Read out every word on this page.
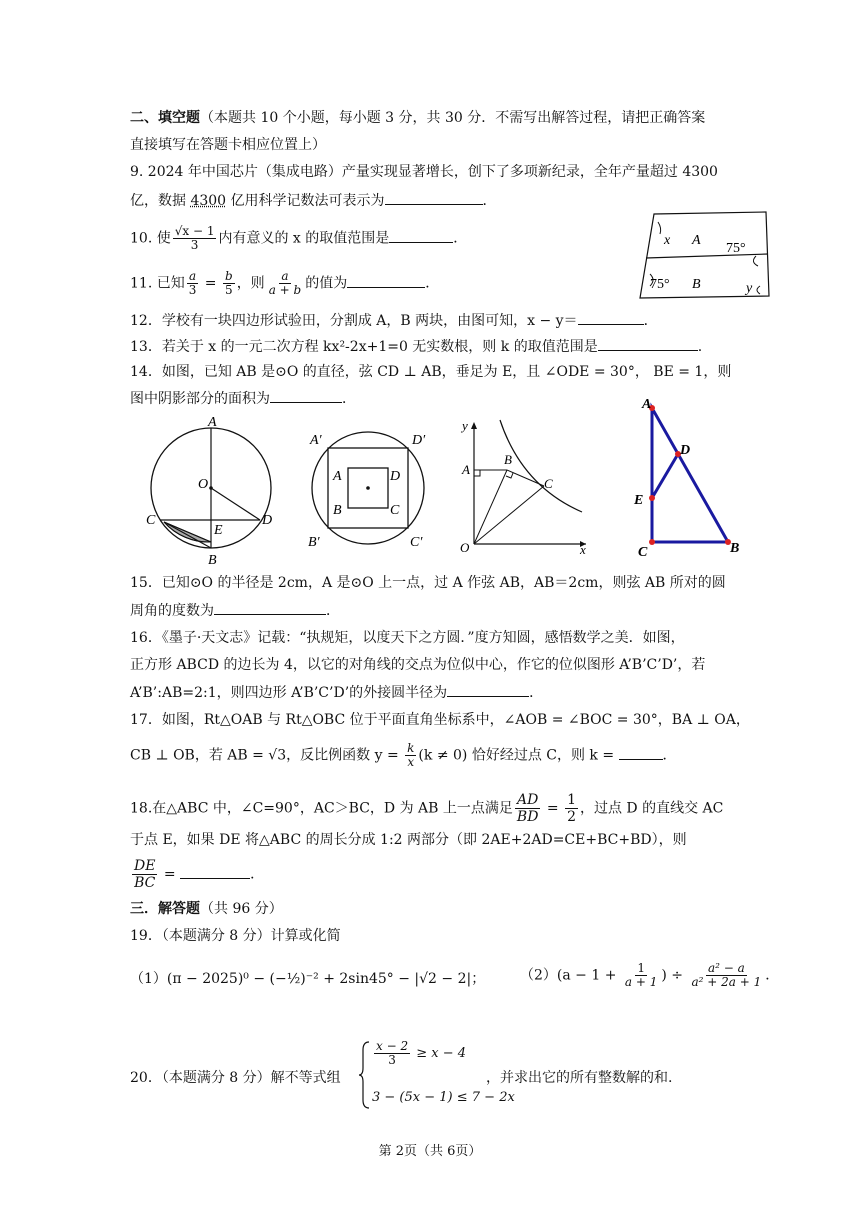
二、填空题（本题共 10 个小题，每小题 3 分，共 30 分．不需写出解答过程，请把正确答案
直接填写在答题卡相应位置上）
9. 2024 年中国芯片（集成电路）产量实现显著增长，创下了多项新纪录，全年产量超过 4300
亿，数据 4300 亿用科学记数法可表示为	．
10. 使 $\frac{√x - 1}{3}$ 内有意义的 x 的取值范围是	．
11. 已知 $\frac{a}{3} = \frac{b}{5}$ ，则 $\frac{a}{a + b}$ 的值为	．
12．学校有一块四边形试验田，分割成 A，B 两块，由图可知，x − y＝	．
13．若关于 x 的一元二次方程 kx²-2x+1=0 无实数根，则 k 的取值范围是	.
14．如图，已知 AB 是⊙O 的直径，弦 CD ⊥ AB，垂足为 E，且 ∠ODE = 30°， BE = 1，则
图中阴影部分的面积为	．
x A
75°
75° B	y
A
O
C
E
D
B
A′	D′
A	D
B	C
B′	C′
y
A
B
C
O	x
A
D
E
C	B
15．已知⊙O 的半径是 2cm，A 是⊙O 上一点，过 A 作弦 AB，AB＝2cm，则弦 AB 所对的圆
周角的度数为	．
16．《墨子·天文志》记载：“执规矩，以度天下之方圆．”度方知圆，感悟数学之美．如图，
正方形 ABCD 的边长为 4，以它的对角线的交点为位似中心，作它的位似图形 A’B’C’D’，若
A’B’:AB=2:1，则四边形 A’B’C’D’的外接圆半径为	．
17．如图，Rt△OAB 与 Rt△OBC 位于平面直角坐标系中，∠AOB = ∠BOC = 30°，BA ⊥ OA，
CB ⊥ OB，若 AB = √3，反比例函数 $y = \frac{k}{x} (k \ne 0)$ 恰好经过点 C，则 k =	．
18.在△ABC 中，∠C=90°，AC＞BC，D 为 AB 上一点满足 $\frac{AD}{BD} = \frac{1}{2}$ ，过点 D 的直线交 AC
于点 E，如果 DE 将△ABC 的周长分成 1:2 两部分（即 2AE+2AD=CE+BC+BD），则
$\frac{DE}{BC}$ =	．
三．解答题（共 96 分）
19．（本题满分 8 分）计算或化简
（1）(π − 2025)⁰ − (−½)⁻² + 2sin45° − |√2 − 2|； $(2)(a - 1 + \frac{1}{a + 1}$ ) ÷ $\frac{\text{a² − a}}{\text{a² + 2a + 1}}$ ．
20．（本题满分 8 分）解不等式组
$\frac{x - 2}{3} \ge x - 4$
3 − (5x − 1) ≤ 7 − 2x
，并求出它的所有整数解的和.
第 2页（共 6页）
